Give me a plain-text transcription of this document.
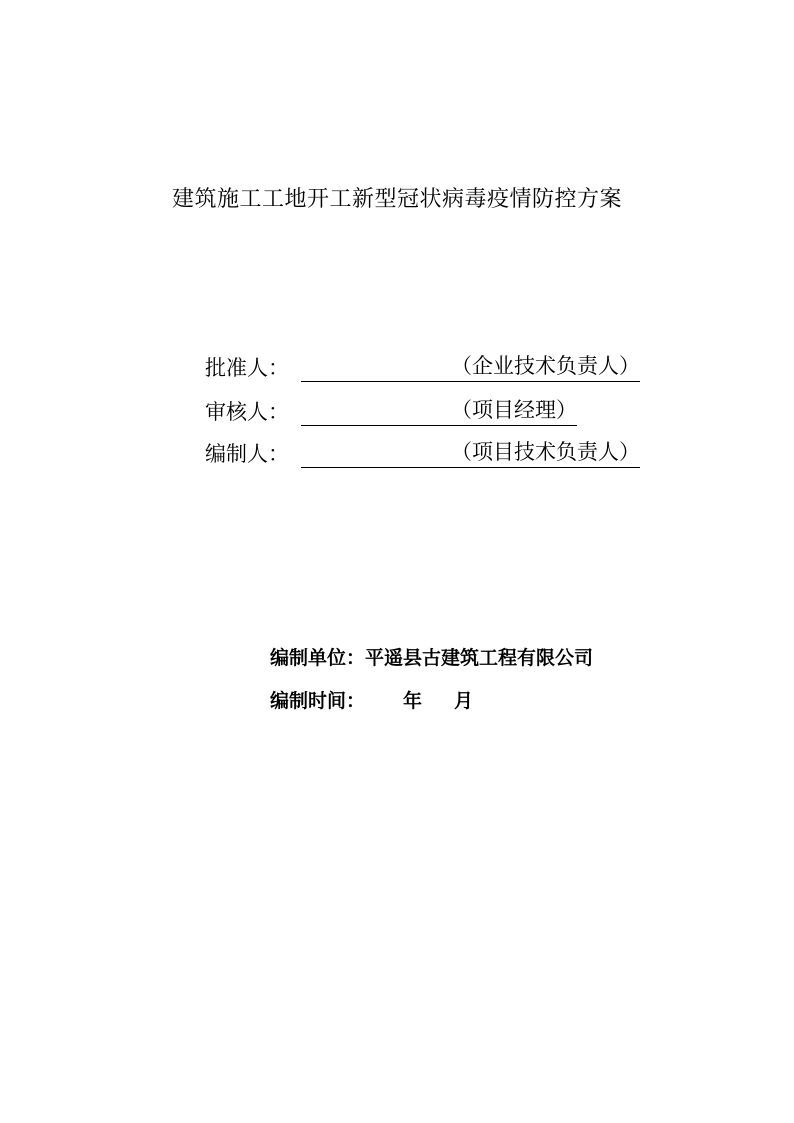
建筑施工工地开工新型冠状病毒疫情防控方案
批准人：	（企业技术负责人）
审核人：	（项目经理）
编制人：	（项目技术负责人）
编制单位：平遥县古建筑工程有限公司
编制时间： 年 月
